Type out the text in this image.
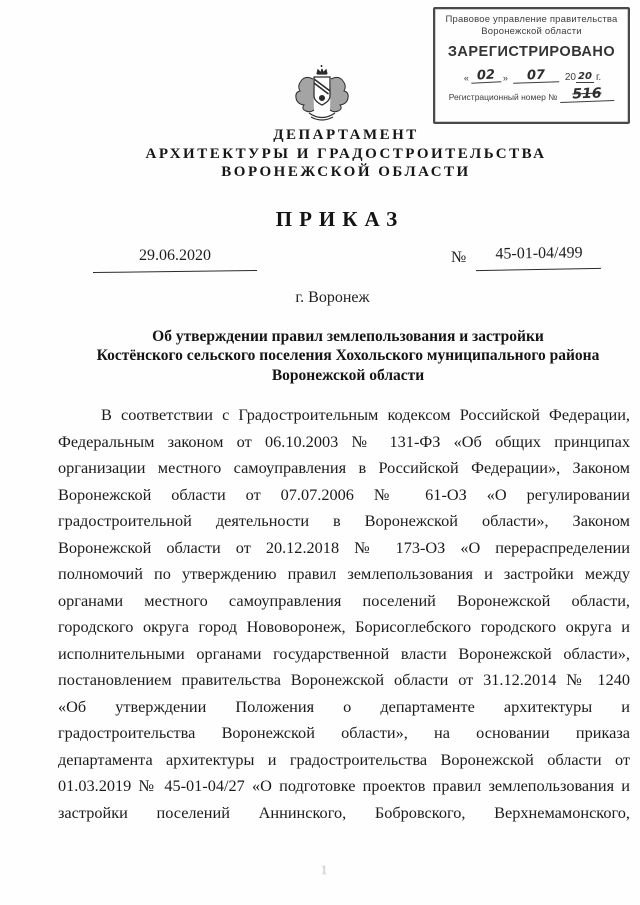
Правовое управление правительства
Воронежской области
ЗАРЕГИСТРИРОВАНО
« 02 »	07	20 20 г.
Регистрационный номер №	516
ДЕПАРТАМЕНТ
АРХИТЕКТУРЫ И ГРАДОСТРОИТЕЛЬСТВА
ВОРОНЕЖСКОЙ ОБЛАСТИ
ПРИКАЗ
29.06.2020	№	45-01-04/499
г. Воронеж
Об утверждении правил землепользования и застройки
Костёнского сельского поселения Хохольского муниципального района
Воронежской области
В соответствии с Градостроительным кодексом Российской Федерации,
Федеральным законом от 06.10.2003 № 131-ФЗ «Об общих принципах
организации местного самоуправления в Российской Федерации», Законом
Воронежской области от 07.07.2006 № 61-ОЗ «О регулировании
градостроительной деятельности в Воронежской области», Законом
Воронежской области от 20.12.2018 № 173-ОЗ «О перераспределении
полномочий по утверждению правил землепользования и застройки между
органами местного самоуправления поселений Воронежской области,
городского округа город Нововоронеж, Борисоглебского городского округа и
исполнительными органами государственной власти Воронежской области»,
постановлением правительства Воронежской области от 31.12.2014 № 1240
«Об утверждении Положения о департаменте архитектуры и
градостроительства Воронежской области», на основании приказа
департамента архитектуры и градостроительства Воронежской области от
01.03.2019 № 45-01-04/27 «О подготовке проектов правил землепользования и
застройки поселений Аннинского, Бобровского, Верхнемамонского,
1
